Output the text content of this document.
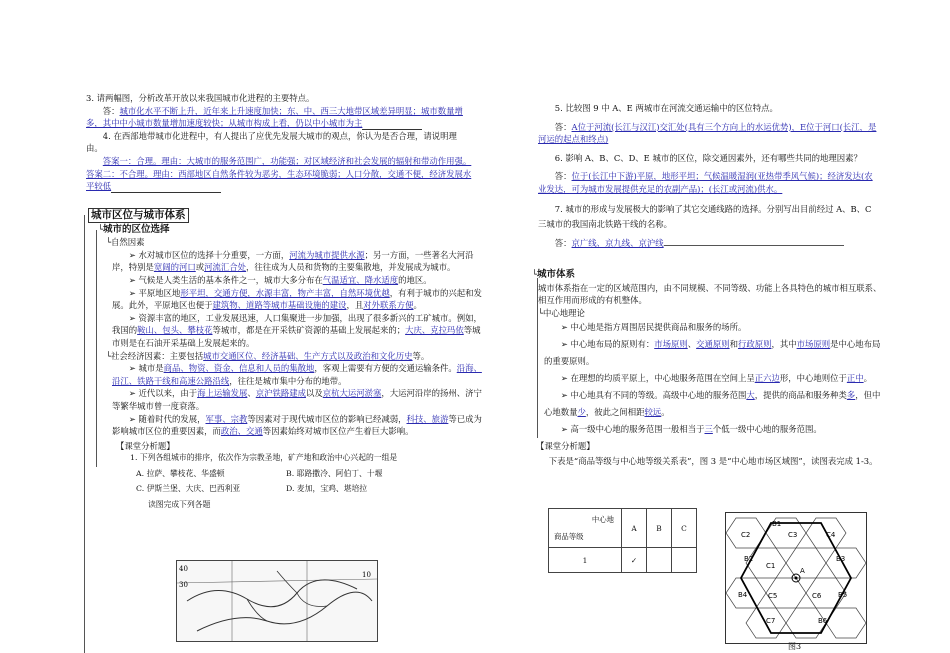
3. 请两幅图，分析改革开放以来我国城市化进程的主要特点。

答：城市化水平不断上升，近年来上升速度加快；东、中、西三大地带区域差异明显；城市数量增多，其中中小城市数量增加速度较快；从城市构成上看，仍以中小城市为主

4. 在西部地带城市化进程中，有人提出了应优先发展大城市的观点，你认为是否合理，请说明理由。

答案一：合理。理由：大城市的服务范围广，功能强；对区域经济和社会发展的辐射和带动作用强。答案二：不合理。理由：西部地区自然条件较为恶劣，生态环境脆弱；人口分散，交通不便，经济发展水平较低

城市区位与城市体系
└城市的区位选择
└自然因素

➢ 水对城市区位的选择十分重要，一方面，河流为城市提供水源；另一方面，一些著名大河沿岸，特别是宽阔的河口或河流汇合处，往往成为人员和货物的主要集散地，并发展成为城市。

➢ 气候是人类生活的基本条件之一，城市大多分布在气温适宜、降水适度的地区。

➢ 平原地区地形平坦，交通方便，水源丰富，物产丰富，自然环境优越，有利于城市的兴起和发展。此外，平原地区也便于建筑物、道路等城市基础设施的建设，且对外联系方便。

➢ 资源丰富的地区，工业发展迅速，人口集聚进一步加强，出现了很多新兴的工矿城市。例如，我国的鞍山、包头、攀枝花等城市，都是在开采铁矿资源的基础上发展起来的；大庆、克拉玛依等城市则是在石油开采基础上发展起来的。

└社会经济因素：主要包括城市交通区位、经济基础、生产方式以及政治和文化历史等。

➢ 城市是商品、物资、资金、信息和人员的集散地，客观上需要有方便的交通运输条件。沿海、沿江、铁路干线和高速公路沿线，往往是城市集中分布的地带。

➢ 近代以来，由于海上运输发展、京沪铁路建成以及京杭大运河淤塞，大运河沿岸的扬州、济宁等繁华城市曾一度衰落。

➢ 随着时代的发展，军事、宗教等因素对于现代城市区位的影响已经减弱，科技、旅游等已成为影响城市区位的重要因素，而政治、交通等因素始终对城市区位产生着巨大影响。

【课堂分析题】

1. 下列各组城市的排序，依次作为宗教圣地，矿产地和政治中心兴起的一组是

A. 拉萨、攀枝花、华盛顿	B. 耶路撒冷、阿伯丁、十堰

C. 伊斯兰堡、大庆、巴西利亚	D. 麦加，宝鸡、堪培拉

读图完成下列各题

30
40
10

5. 比较图 9 中 A、E 两城市在河流交通运输中的区位特点。

答：A位于河流(长江与汉江)交汇处(具有三个方向上的水运优势)，E位于河口(长江，是河运的起点和终点)

6. 影响 A、B、C、D、E 城市的区位，除交通因素外，还有哪些共同的地理因素？

答：位于(长江中下游)平原，地形平坦；气候温暖湿润(亚热带季风气候)；经济发达(农业发达，可为城市发展提供充足的农副产品)；(长江或河流)供水。

7. 城市的形成与发展极大的影响了其它交通线路的选择。分别写出目前经过 A、B、C 三城市的我国南北铁路干线的名称。

答：京广线、京九线、京沪线

└城市体系
城市体系指在一定的区域范围内，由不同规模、不同等级、功能上各具特色的城市相互联系、相互作用而形成的有机整体。
└中心地理论

➢ 中心地是指方周围居民提供商品和服务的场所。

➢ 中心地布局的原则有：市场原则、交通原则和行政原则，其中市场原则是中心地布局的重要原则。

➢ 在理想的均质平原上，中心地服务范围在空间上呈正六边形，中心地则位于正中。

➢ 中心地具有不同的等级。高级中心地的服务范围大，提供的商品和服务种类多，但中心地数量少，彼此之间相距较远。

➢ 高一级中心地的服务范围一般相当于三个低一级中心地的服务范围。

【课堂分析题】

下表是“商品等级与中心地等级关系表”，图 3 是“中心地市场区域图”，读图表完成 1-3。

中心地
商品等级	A	B	C
1	✓		
B1
C2	C3	C4
B2
C1
B3
B4	C5	B5
C6
B6
C7
A
图3
